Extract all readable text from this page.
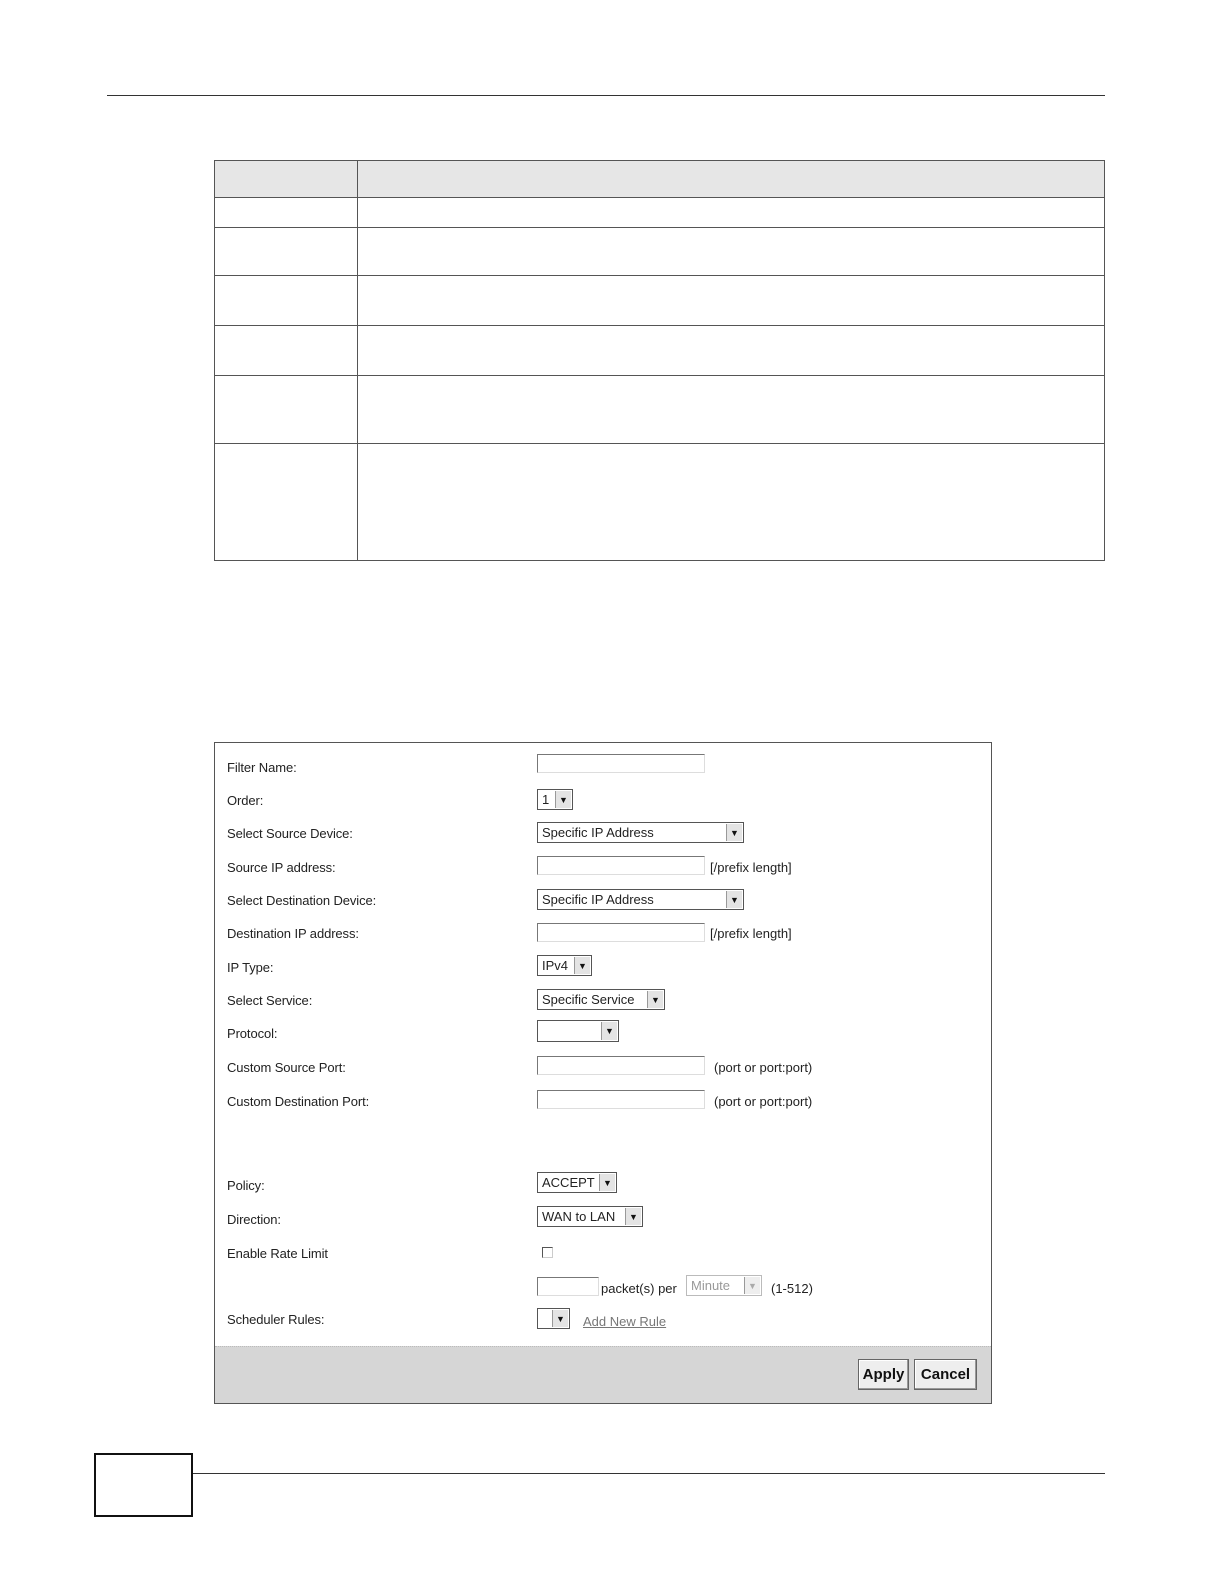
Filter Name:
Order:	1	▼
Select Source Device:	Specific IP Address	▼
Source IP address:	[/prefix length]
Select Destination Device:	Specific IP Address	▼
Destination IP address:	[/prefix length]
IP Type:	IPv4	▼
Select Service:	Specific Service	▼
Protocol:	▼
Custom Source Port:	(port or port:port)
Custom Destination Port:	(port or port:port)
Policy:	ACCEPT ▼
Direction:	WAN to LAN	▼
Enable Rate Limit
packet(s) per Minute	▼ (1-512)
Scheduler Rules:	▼ Add New Rule
Apply	Cancel
